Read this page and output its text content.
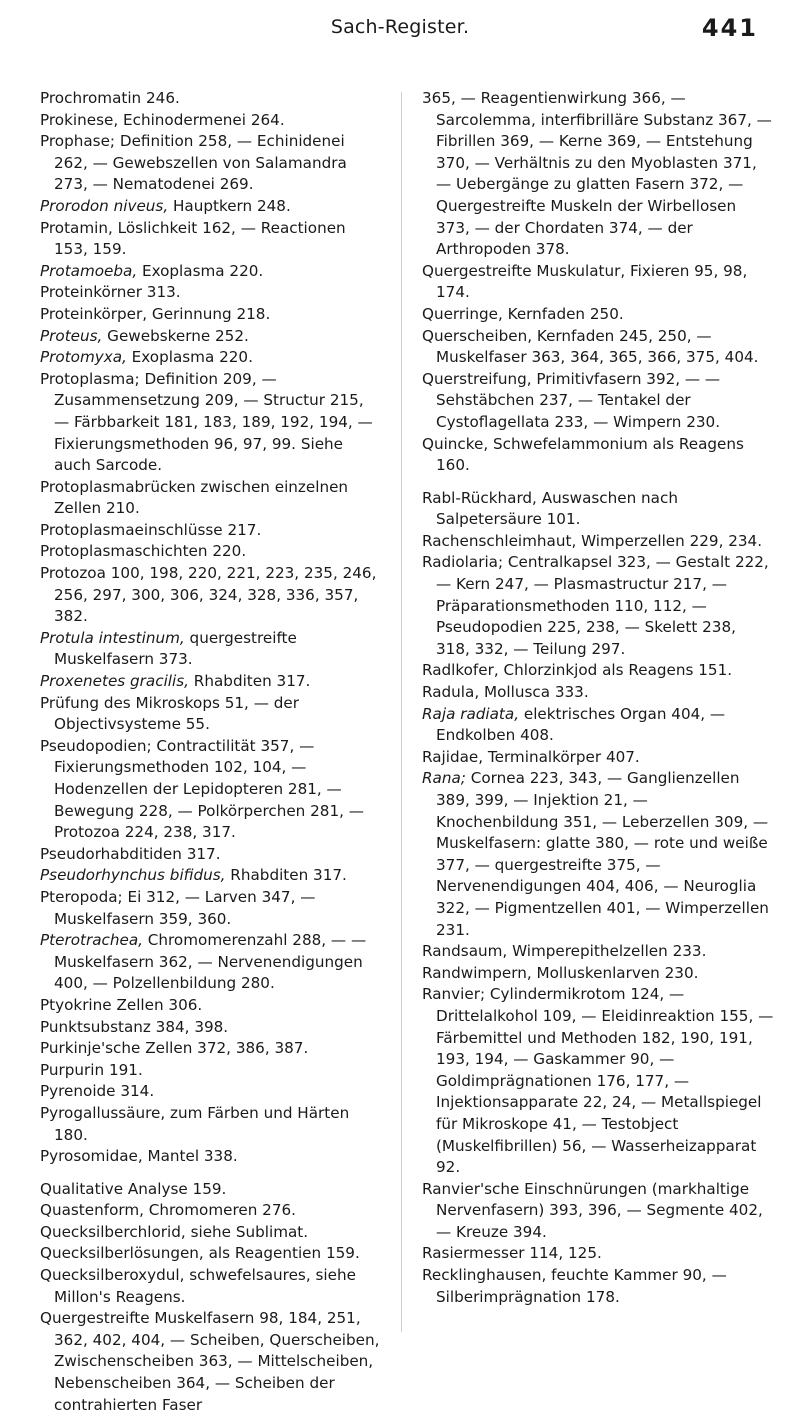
Sach-Register.	441

Prochromatin 246.

Prokinese, Echinodermenei 264.

Prophase; Definition 258, — Echinidenei 262, — Gewebszellen von Salamandra 273, — Nematodenei 269.

Prorodon niveus, Hauptkern 248.

Protamin, Löslichkeit 162, — Reactionen 153, 159.

Protamoeba, Exoplasma 220.

Proteinkörner 313.

Proteinkörper, Gerinnung 218.

Proteus, Gewebskerne 252.

Protomyxa, Exoplasma 220.

Protoplasma; Definition 209, — Zusammensetzung 209, — Structur 215, — Färbbarkeit 181, 183, 189, 192, 194, — Fixierungsmethoden 96, 97, 99. Siehe auch Sarcode.

Protoplasmabrücken zwischen einzelnen Zellen 210.

Protoplasmaeinschlüsse 217.

Protoplasmaschichten 220.

Protozoa 100, 198, 220, 221, 223, 235, 246, 256, 297, 300, 306, 324, 328, 336, 357, 382.

Protula intestinum, quergestreifte Muskelfasern 373.

Proxenetes gracilis, Rhabditen 317.

Prüfung des Mikroskops 51, — der Objectivsysteme 55.

Pseudopodien; Contractilität 357, — Fixierungsmethoden 102, 104, — Hodenzellen der Lepidopteren 281, — Bewegung 228, — Polkörperchen 281, — Protozoa 224, 238, 317.

Pseudorhabditiden 317.

Pseudorhynchus bifidus, Rhabditen 317.

Pteropoda; Ei 312, — Larven 347, — Muskelfasern 359, 360.

Pterotrachea, Chromomerenzahl 288, — — Muskelfasern 362, — Nervenendigungen 400, — Polzellenbildung 280.

Ptyokrine Zellen 306.

Punktsubstanz 384, 398.

Purkinje'sche Zellen 372, 386, 387.

Purpurin 191.

Pyrenoide 314.

Pyrogallussäure, zum Färben und Härten 180.

Pyrosomidae, Mantel 338.

Qualitative Analyse 159.

Quastenform, Chromomeren 276.

Quecksilberchlorid, siehe Sublimat.

Quecksilberlösungen, als Reagentien 159.

Quecksilberoxydul, schwefelsaures, siehe Millon's Reagens.

Quergestreifte Muskelfasern 98, 184, 251, 362, 402, 404, — Scheiben, Querscheiben, Zwischenscheiben 363, — Mittelscheiben, Nebenscheiben 364, — Scheiben der contrahierten Faser

365, — Reagentienwirkung 366, — Sarcolemma, interfibrilläre Substanz 367, — Fibrillen 369, — Kerne 369, — Entstehung 370, — Verhältnis zu den Myoblasten 371, — Uebergänge zu glatten Fasern 372, — Quergestreifte Muskeln der Wirbellosen 373, — der Chordaten 374, — der Arthropoden 378.

Quergestreifte Muskulatur, Fixieren 95, 98, 174.

Querringe, Kernfaden 250.

Querscheiben, Kernfaden 245, 250, — Muskelfaser 363, 364, 365, 366, 375, 404.

Querstreifung, Primitivfasern 392, — — Sehstäbchen 237, — Tentakel der Cystoflagellata 233, — Wimpern 230.

Quincke, Schwefelammonium als Reagens 160.

Rabl-Rückhard, Auswaschen nach Salpetersäure 101.

Rachenschleimhaut, Wimperzellen 229, 234.

Radiolaria; Centralkapsel 323, — Gestalt 222, — Kern 247, — Plasmastructur 217, — Präparationsmethoden 110, 112, — Pseudopodien 225, 238, — Skelett 238, 318, 332, — Teilung 297.

Radlkofer, Chlorzinkjod als Reagens 151.

Radula, Mollusca 333.

Raja radiata, elektrisches Organ 404, — Endkolben 408.

Rajidae, Terminalkörper 407.

Rana; Cornea 223, 343, — Ganglienzellen 389, 399, — Injektion 21, — Knochenbildung 351, — Leberzellen 309, — Muskelfasern: glatte 380, — rote und weiße 377, — quergestreifte 375, — Nervenendigungen 404, 406, — Neuroglia 322, — Pigmentzellen 401, — Wimperzellen 231.

Randsaum, Wimperepithelzellen 233.

Randwimpern, Molluskenlarven 230.

Ranvier; Cylindermikrotom 124, — Drittelalkohol 109, — Eleidinreaktion 155, — Färbemittel und Methoden 182, 190, 191, 193, 194, — Gaskammer 90, — Goldimprägnationen 176, 177, — Injektionsapparate 22, 24, — Metallspiegel für Mikroskope 41, — Testobject (Muskelfibrillen) 56, — Wasserheizapparat 92.

Ranvier'sche Einschnürungen (markhaltige Nervenfasern) 393, 396, — Segmente 402, — Kreuze 394.

Rasiermesser 114, 125.

Recklinghausen, feuchte Kammer 90, — Silberimprägnation 178.
